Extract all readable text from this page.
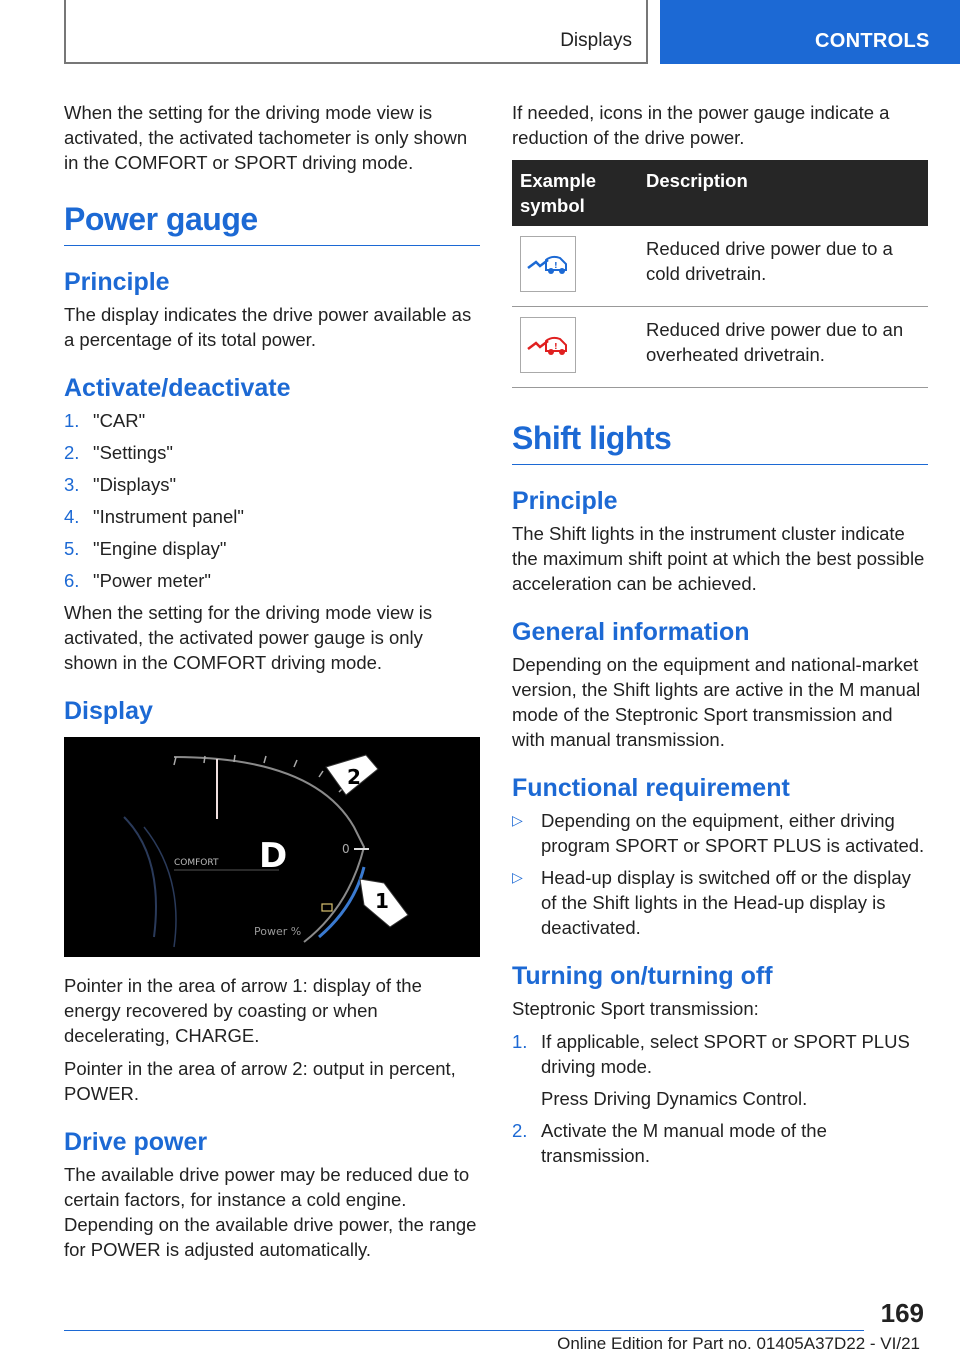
Displays	CONTROLS

When the setting for the driving mode view is activated, the activated tachometer is only shown in the COMFORT or SPORT driving mode.

Power gauge
Principle

The display indicates the drive power available as a percentage of its total power.

Activate/deactivate
1. "CAR"
2. "Settings"
3. "Displays"
4. "Instrument panel"
5. "Engine display"
6. "Power meter"

When the setting for the driving mode view is activated, the activated power gauge is only shown in the COMFORT driving mode.

Display
COMFORT D	0
Power %
2
1

Pointer in the area of arrow 1: display of the energy recovered by coasting or when decelerating, CHARGE.

Pointer in the area of arrow 2: output in percent, POWER.

Drive power

The available drive power may be reduced due to certain factors, for instance a cold engine. Depending on the available drive power, the range for POWER is adjusted automatically.

If needed, icons in the power gauge indicate a reduction of the drive power.

Example symbol	Description

!	Reduced drive power due to a cold drivetrain.

!	Reduced drive power due to an overheated drivetrain.
Shift lights
Principle

The Shift lights in the instrument cluster indicate the maximum shift point at which the best possible acceleration can be achieved.

General information

Depending on the equipment and national-market version, the Shift lights are active in the M manual mode of the Steptronic Sport transmission and with manual transmission.

Functional requirement
▷ Depending on the equipment, either driving program SPORT or SPORT PLUS is activated.
▷ Head-up display is switched off or the display of the Shift lights in the Head-up display is deactivated.
Turning on/turning off

Steptronic Sport transmission:

1. If applicable, select SPORT or SPORT PLUS driving mode.
Press Driving Dynamics Control.
2. Activate the M manual mode of the transmission.
169
Online Edition for Part no. 01405A37D22 - VI/21
